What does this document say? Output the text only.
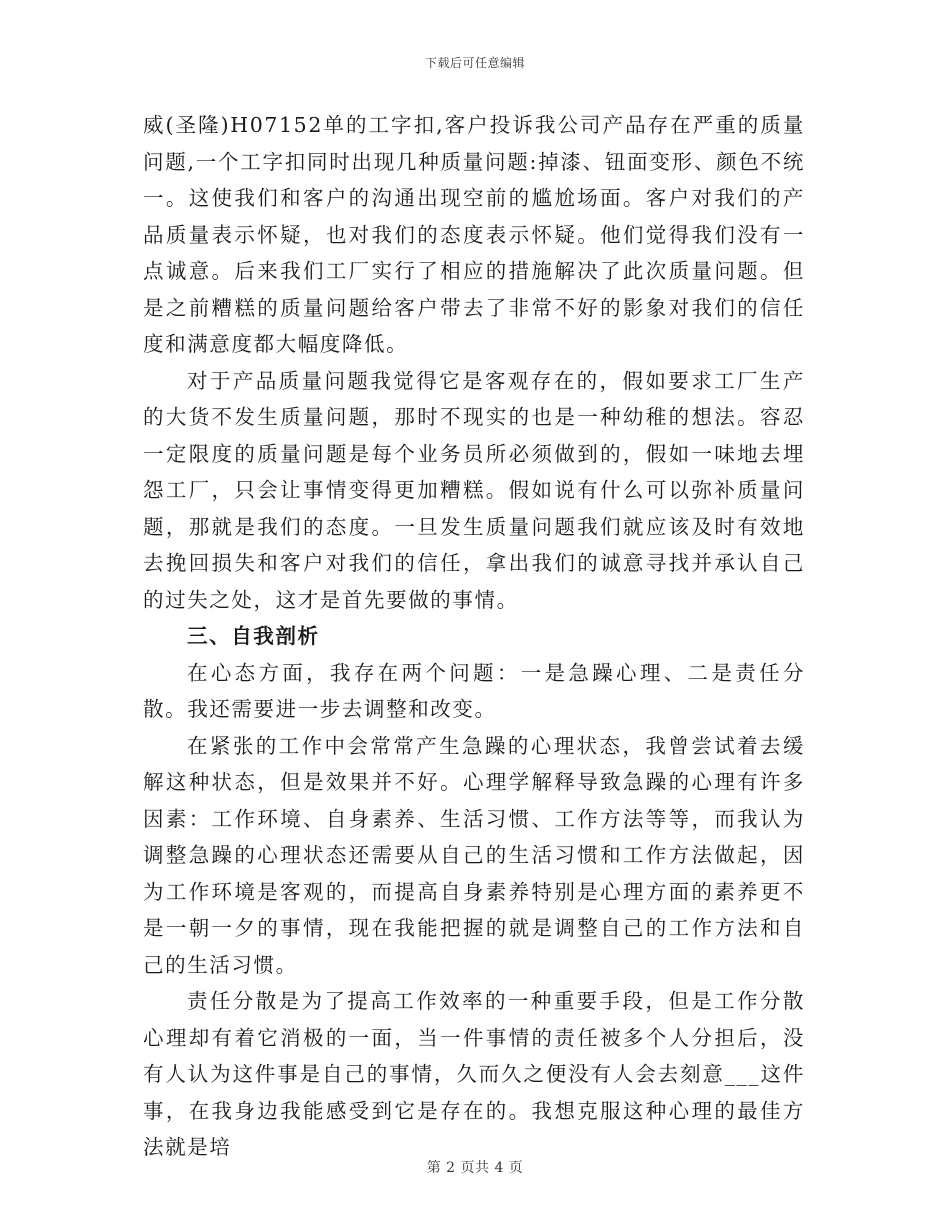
下载后可任意编辑

威(圣隆)H07152单的工字扣,客户投诉我公司产品存在严重的质量问题,一个工字扣同时出现几种质量问题:掉漆、钮面变形、颜色不统一。这使我们和客户的沟通出现空前的尴尬场面。客户对我们的产品质量表示怀疑，也对我们的态度表示怀疑。他们觉得我们没有一点诚意。后来我们工厂实行了相应的措施解决了此次质量问题。但是之前糟糕的质量问题给客户带去了非常不好的影象对我们的信任度和满意度都大幅度降低。

对于产品质量问题我觉得它是客观存在的，假如要求工厂生产的大货不发生质量问题，那时不现实的也是一种幼稚的想法。容忍一定限度的质量问题是每个业务员所必须做到的，假如一味地去埋怨工厂，只会让事情变得更加糟糕。假如说有什么可以弥补质量问题，那就是我们的态度。一旦发生质量问题我们就应该及时有效地去挽回损失和客户对我们的信任，拿出我们的诚意寻找并承认自己的过失之处，这才是首先要做的事情。

三、自我剖析

在心态方面，我存在两个问题：一是急躁心理、二是责任分散。我还需要进一步去调整和改变。

在紧张的工作中会常常产生急躁的心理状态，我曾尝试着去缓解这种状态，但是效果并不好。心理学解释导致急躁的心理有许多因素：工作环境、自身素养、生活习惯、工作方法等等，而我认为调整急躁的心理状态还需要从自己的生活习惯和工作方法做起，因为工作环境是客观的，而提高自身素养特别是心理方面的素养更不是一朝一夕的事情，现在我能把握的就是调整自己的工作方法和自己的生活习惯。

责任分散是为了提高工作效率的一种重要手段，但是工作分散心理却有着它消极的一面，当一件事情的责任被多个人分担后，没有人认为这件事是自己的事情，久而久之便没有人会去刻意___这件事，在我身边我能感受到它是存在的。我想克服这种心理的最佳方法就是培

第 2 页共 4 页
